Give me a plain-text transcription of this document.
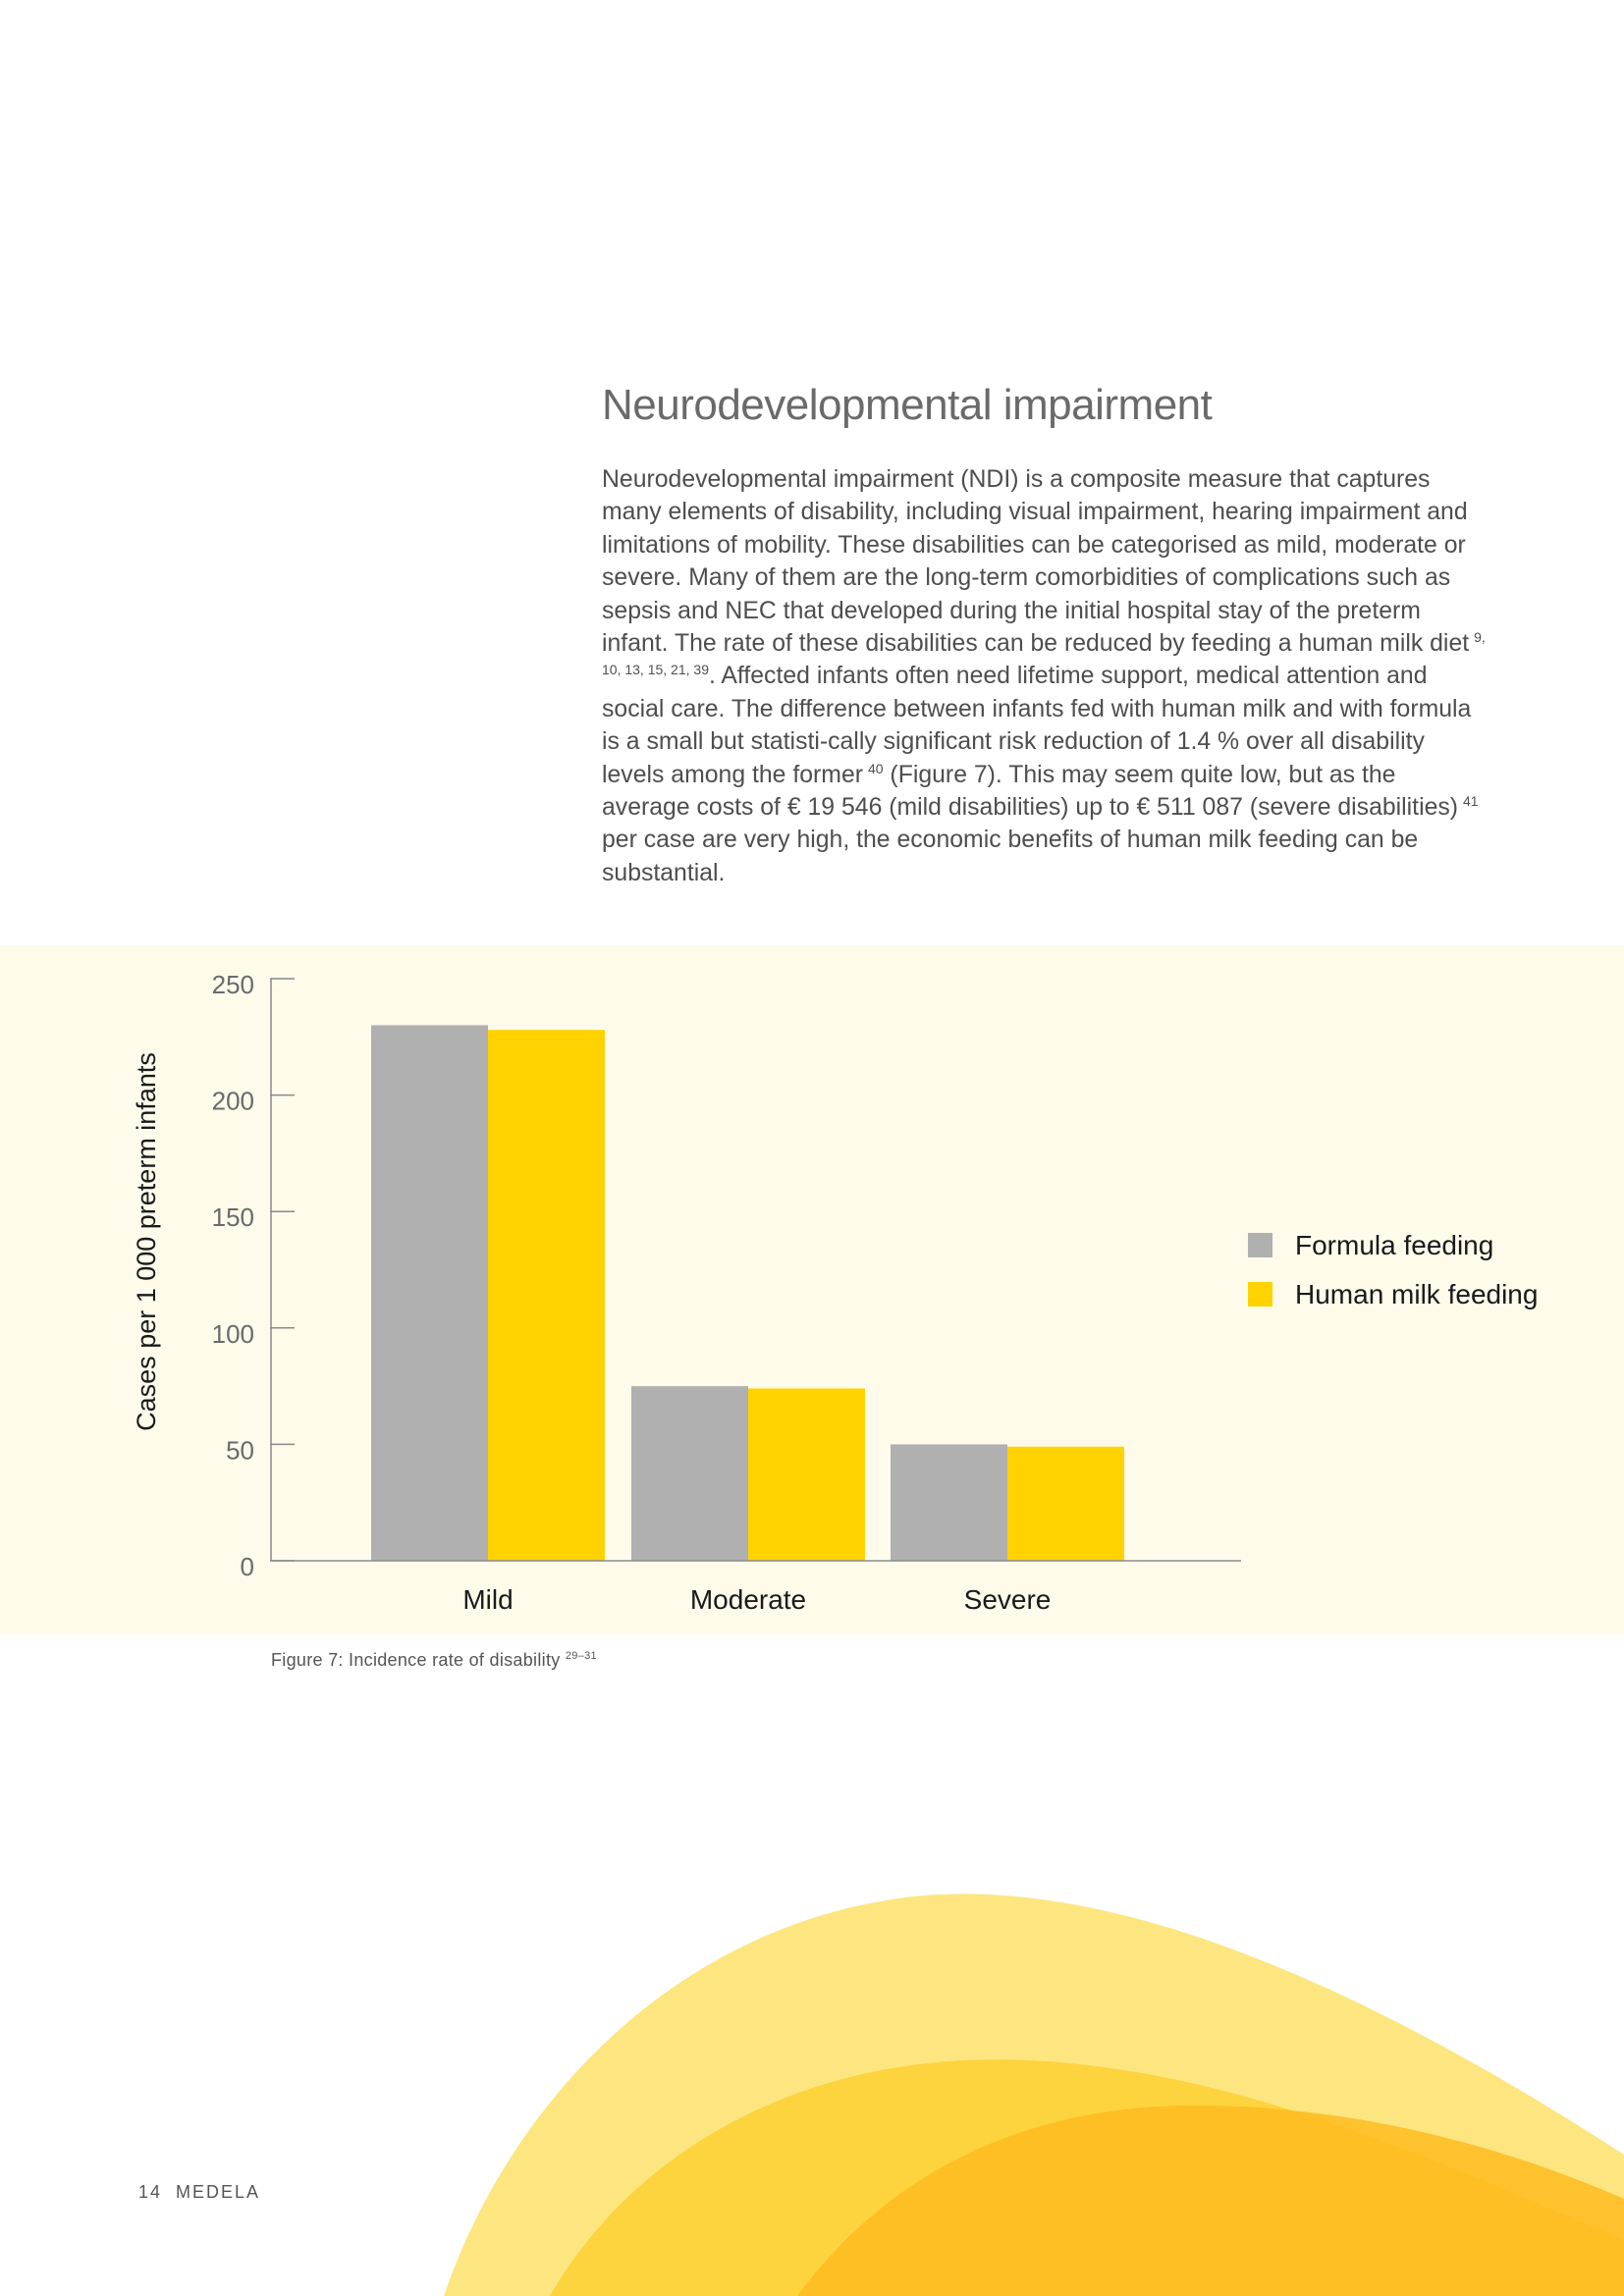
Neurodevelopmental impairment

Neurodevelopmental impairment (NDI) is a composite measure that captures many elements of disability, including visual impairment, hearing impairment and limitations of mobility. These disabilities can be categorised as mild, moderate or severe. Many of them are the long-term comorbidities of complications such as sepsis and NEC that developed during the initial hospital stay of the preterm infant. The rate of these disabilities can be reduced by feeding a human milk diet  $^{9, 10, 13, 15, 21, 39}$. Affected infants often need lifetime support, medical attention and social care. The difference between infants fed with human milk and with formula is a small but statisti-cally significant risk reduction of 1.4 % over all disability levels among the former  $^{40}$ (Figure 7). This may seem quite low, but as the average costs of € 19 546 (mild disabilities) up to € 511 087 (severe disabilities)  $^{41}$ per case are very high, the economic benefits of human milk feeding can be substantial.

0
50
100
150
200
250
Mild	Moderate	Severe
Formula feeding
Human milk feeding
Cases per 1 000 preterm infants
Figure 7: Incidence rate of disability $^{29-31}$
14 MEDELA
